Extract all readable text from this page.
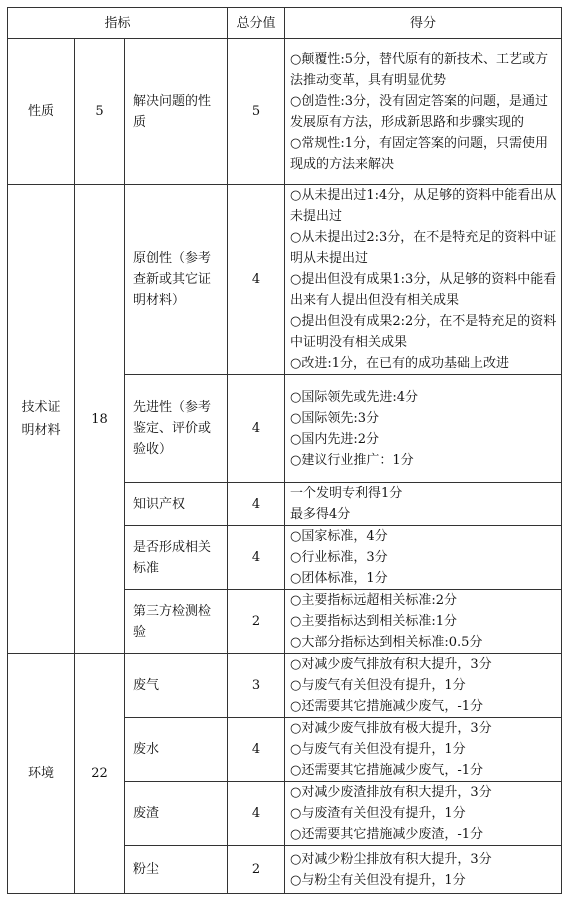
指标			总分值	得分
性质	5	解决问题的性质	5	○颠覆性:5分，替代原有的新技术、工艺或方法推动变革，具有明显优势
○创造性:3分，没有固定答案的问题，是通过发展原有方法，形成新思路和步骤实现的
○常规性:1分，有固定答案的问题，只需使用现成的方法来解决

技术证明材料	18	原创性（参考查新或其它证明材料）	4	○从未提出过1:4分，从足够的资料中能看出从未提出过
○从未提出过2:3分，在不是特充足的资料中证明从未提出过
○提出但没有成果1:3分，从足够的资料中能看出来有人提出但没有相关成果
○提出但没有成果2:2分，在不是特充足的资料中证明没有相关成果
○改进:1分，在已有的成功基础上改进

		先进性（参考鉴定、评价或验收）	4	○国际领先或先进:4分
○国际领先:3分
○国内先进:2分
○建议行业推广：1分

		知识产权	4	一个发明专利得1分
最多得4分

		是否形成相关标准	4	○国家标准，4分
○行业标准，3分
○团体标准，1分

		第三方检测检验	2	○主要指标远超相关标准:2分
○主要指标达到相关标准:1分
○大部分指标达到相关标准:0.5分

环境	22	废气	3	○对减少废气排放有积大提升，3分
○与废气有关但没有提升，1分
○还需要其它措施减少废气，-1分

		废水	4	○对减少废气排放有极大提升，3分
○与废气有关但没有提升，1分
○还需要其它措施减少废气，-1分

		废渣	4	○对减少废渣排放有积大提升，3分
○与废渣有关但没有提升，1分
○还需要其它措施减少废渣，-1分

		粉尘	2	○对减少粉尘排放有积大提升，3分
○与粉尘有关但没有提升，1分
